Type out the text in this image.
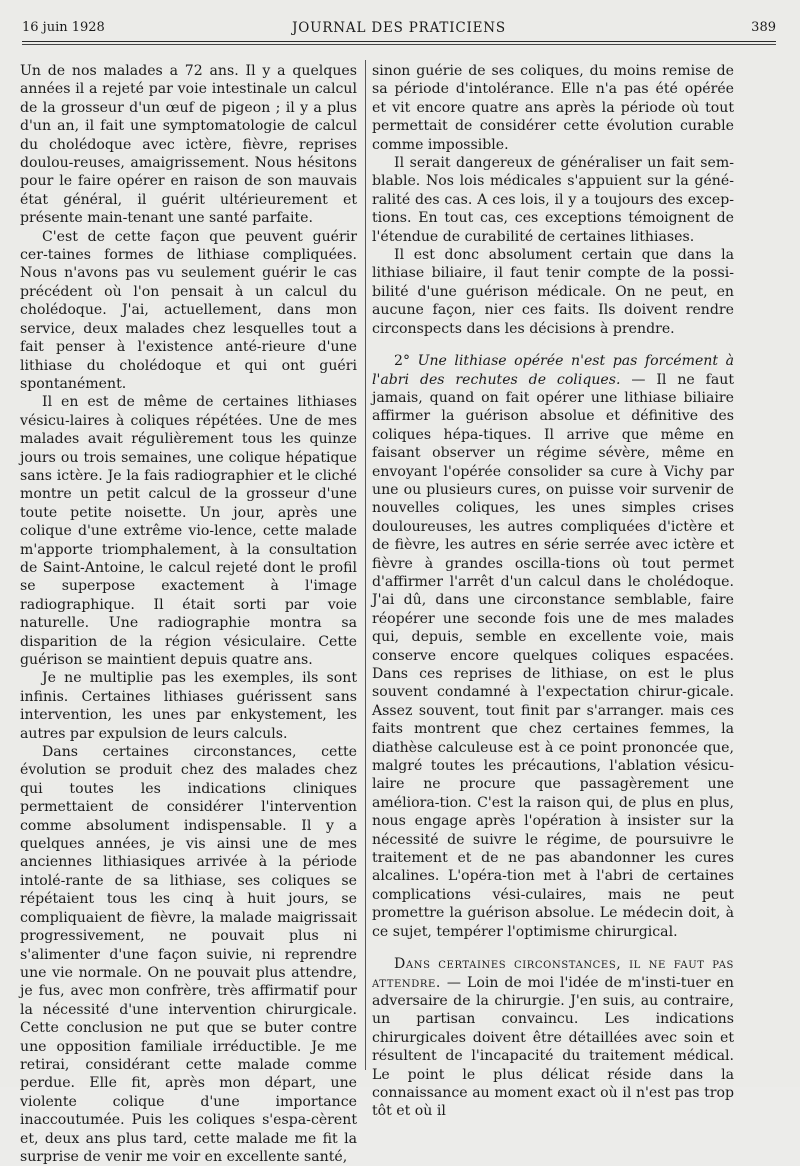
16 juin 1928	JOURNAL DES PRATICIENS	389

Un de nos malades a 72 ans. Il y a quelques années il a rejeté par voie intestinale un calcul de la grosseur d'un œuf de pigeon ; il y a plus d'un an, il fait une symptomatologie de calcul du cholédoque avec ictère, fièvre, reprises doulou-reuses, amaigrissement. Nous hésitons pour le faire opérer en raison de son mauvais état général, il guérit ultérieurement et présente main-tenant une santé parfaite.

C'est de cette façon que peuvent guérir cer-taines formes de lithiase compliquées. Nous n'avons pas vu seulement guérir le cas précédent où l'on pensait à un calcul du cholédoque. J'ai, actuellement, dans mon service, deux malades chez lesquelles tout a fait penser à l'existence anté-rieure d'une lithiase du cholédoque et qui ont guéri spontanément.

Il en est de même de certaines lithiases vésicu-laires à coliques répétées. Une de mes malades avait régulièrement tous les quinze jours ou trois semaines, une colique hépatique sans ictère. Je la fais radiographier et le cliché montre un petit calcul de la grosseur d'une toute petite noisette. Un jour, après une colique d'une extrême vio-lence, cette malade m'apporte triomphalement, à la consultation de Saint-Antoine, le calcul rejeté dont le profil se superpose exactement à l'image radiographique. Il était sorti par voie naturelle. Une radiographie montra sa disparition de la région vésiculaire. Cette guérison se maintient depuis quatre ans.

Je ne multiplie pas les exemples, ils sont infinis. Certaines lithiases guérissent sans intervention, les unes par enkystement, les autres par expulsion de leurs calculs.

Dans certaines circonstances, cette évolution se produit chez des malades chez qui toutes les indications cliniques permettaient de considérer l'intervention comme absolument indispensable. Il y a quelques années, je vis ainsi une de mes anciennes lithiasiques arrivée à la période intolé-rante de sa lithiase, ses coliques se répétaient tous les cinq à huit jours, se compliquaient de fièvre, la malade maigrissait progressivement, ne pouvait plus ni s'alimenter d'une façon suivie, ni reprendre une vie normale. On ne pouvait plus attendre, je fus, avec mon confrère, très affirmatif pour la nécessité d'une intervention chirurgicale. Cette conclusion ne put que se buter contre une opposition familiale irréductible. Je me retirai, considérant cette malade comme perdue. Elle fit, après mon départ, une violente colique d'une importance inaccoutumée. Puis les coliques s'espa-cèrent et, deux ans plus tard, cette malade me fit la surprise de venir me voir en excellente santé,

sinon guérie de ses coliques, du moins remise de sa période d'intolérance. Elle n'a pas été opérée et vit encore quatre ans après la période où tout permettait de considérer cette évolution curable comme impossible.

Il serait dangereux de généraliser un fait sem-blable. Nos lois médicales s'appuient sur la géné-ralité des cas. A ces lois, il y a toujours des excep-tions. En tout cas, ces exceptions témoignent de l'étendue de curabilité de certaines lithiases.

Il est donc absolument certain que dans la lithiase biliaire, il faut tenir compte de la possi-bilité d'une guérison médicale. On ne peut, en aucune façon, nier ces faits. Ils doivent rendre circonspects dans les décisions à prendre.

2° Une lithiase opérée n'est pas forcément à l'abri des rechutes de coliques. — Il ne faut jamais, quand on fait opérer une lithiase biliaire affirmer la guérison absolue et définitive des coliques hépa-tiques. Il arrive que même en faisant observer un régime sévère, même en envoyant l'opérée consolider sa cure à Vichy par une ou plusieurs cures, on puisse voir survenir de nouvelles coliques, les unes simples crises douloureuses, les autres compliquées d'ictère et de fièvre, les autres en série serrée avec ictère et fièvre à grandes oscilla-tions où tout permet d'affirmer l'arrêt d'un calcul dans le cholédoque. J'ai dû, dans une circonstance semblable, faire réopérer une seconde fois une de mes malades qui, depuis, semble en excellente voie, mais conserve encore quelques coliques espacées. Dans ces reprises de lithiase, on est le plus souvent condamné à l'expectation chirur-gicale. Assez souvent, tout finit par s'arranger. mais ces faits montrent que chez certaines femmes, la diathèse calculeuse est à ce point prononcée que, malgré toutes les précautions, l'ablation vésicu-laire ne procure que passagèrement une améliora-tion. C'est la raison qui, de plus en plus, nous engage après l'opération à insister sur la nécessité de suivre le régime, de poursuivre le traitement et de ne pas abandonner les cures alcalines. L'opéra-tion met à l'abri de certaines complications vési-culaires, mais ne peut promettre la guérison absolue. Le médecin doit, à ce sujet, tempérer l'optimisme chirurgical.

Dans certaines circonstances, il ne faut pas attendre. — Loin de moi l'idée de m'insti-tuer en adversaire de la chirurgie. J'en suis, au contraire, un partisan convaincu. Les indications chirurgicales doivent être détaillées avec soin et résultent de l'incapacité du traitement médical. Le point le plus délicat réside dans la connaissance au moment exact où il n'est pas trop tôt et où il
